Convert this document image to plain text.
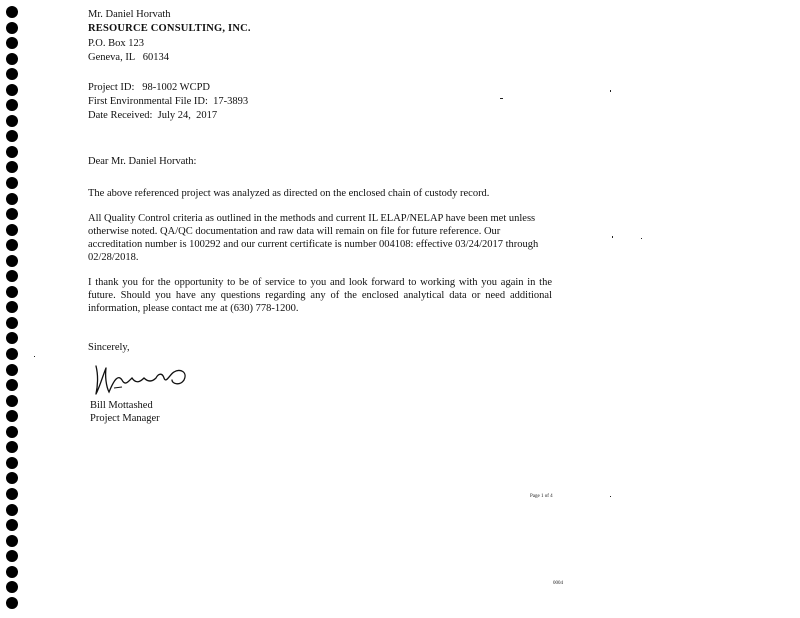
Mr. Daniel Horvath
RESOURCE CONSULTING, INC.
P.O. Box 123
Geneva, IL   60134
Project ID:   98-1002 WCPD
First Environmental File ID:  17-3893
Date Received:  July 24,  2017
Dear Mr. Daniel Horvath:
The above referenced project was analyzed as directed on the enclosed chain of custody record.
All Quality Control criteria as outlined in the methods and current IL ELAP/NELAP have been met unless otherwise noted. QA/QC documentation and raw data will remain on file for future reference. Our accreditation number is 100292 and our current certificate is number 004108: effective 03/24/2017 through 02/28/2018.
I thank you for the opportunity to be of service to you and look forward to working with you again in the future. Should you have any questions regarding any of the enclosed analytical data or need additional information, please contact me at (630) 778-1200.
Sincerely,
Bill Mottashed
Project Manager
Page 1 of 4
0004
